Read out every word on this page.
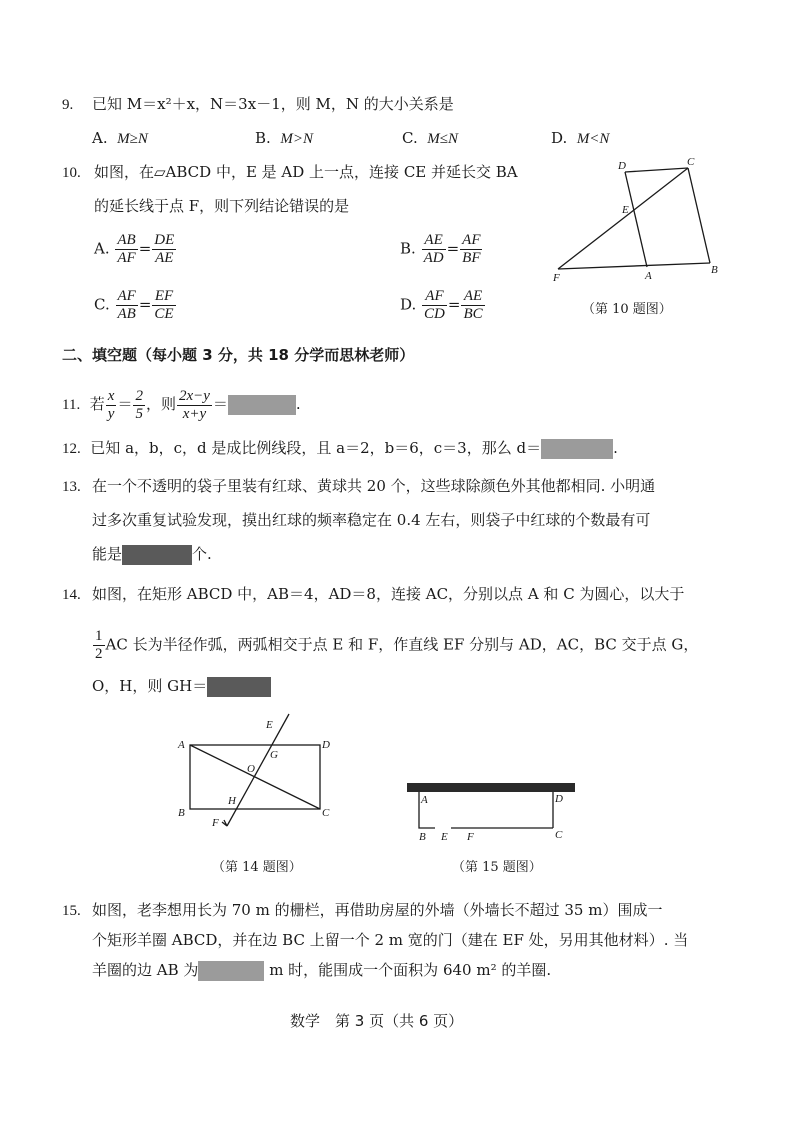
9. 已知 M＝x²＋x，N＝3x－1，则 M，N 的大小关系是
A. M≥N	B. M>N	C. M≤N	D. M<N
10. 如图，在▱ABCD 中，E 是 AD 上一点，连接 CE 并延长交 BA
的延长线于点 F，则下列结论错误的是
A. $\frac{AB}{AF} = \frac{DE}{AE}$	B. $\frac{AE}{AD} = \frac{AF}{BF}$
C. $\frac{AF}{AB} = \frac{EF}{CE}$	D. $\frac{AF}{CD} = \frac{AE}{BC}$
D	C
E
F	A	B
（第 10 题图）
二、填空题（每小题 3 分，共 18 分学而思林老师）
11. 若 $\frac{x}{y} = \frac{2}{5}$ ，则 $\frac{2x-y}{x+y}$ ＝	.
12. 已知 a，b，c，d 是成比例线段，且 a＝2，b＝6，c＝3，那么 d＝	.
13. 在一个不透明的袋子里装有红球、黄球共 20 个，这些球除颜色外其他都相同. 小明通
过多次重复试验发现，摸出红球的频率稳定在 0.4 左右，则袋子中红球的个数最有可
能是	个.
14. 如图，在矩形 ABCD 中，AB＝4，AD＝8，连接 AC，分别以点 A 和 C 为圆心，以大于
$\frac{1}{2}$ AC 长为半径作弧，两弧相交于点 E 和 F，作直线 EF 分别与 AD，AC，BC 交于点 G，
O，H，则 GH＝
A	D
B	C
E
F
G
O
H
（第 14 题图）
A	D
B E F	C
（第 15 题图）
15. 如图，老李想用长为 70 m 的栅栏，再借助房屋的外墙（外墙长不超过 35 m）围成一
个矩形羊圈 ABCD，并在边 BC 上留一个 2 m 宽的门（建在 EF 处，另用其他材料）. 当
羊圈的边 AB 为	m 时，能围成一个面积为 640 m² 的羊圈.
数学　第 3 页（共 6 页）
